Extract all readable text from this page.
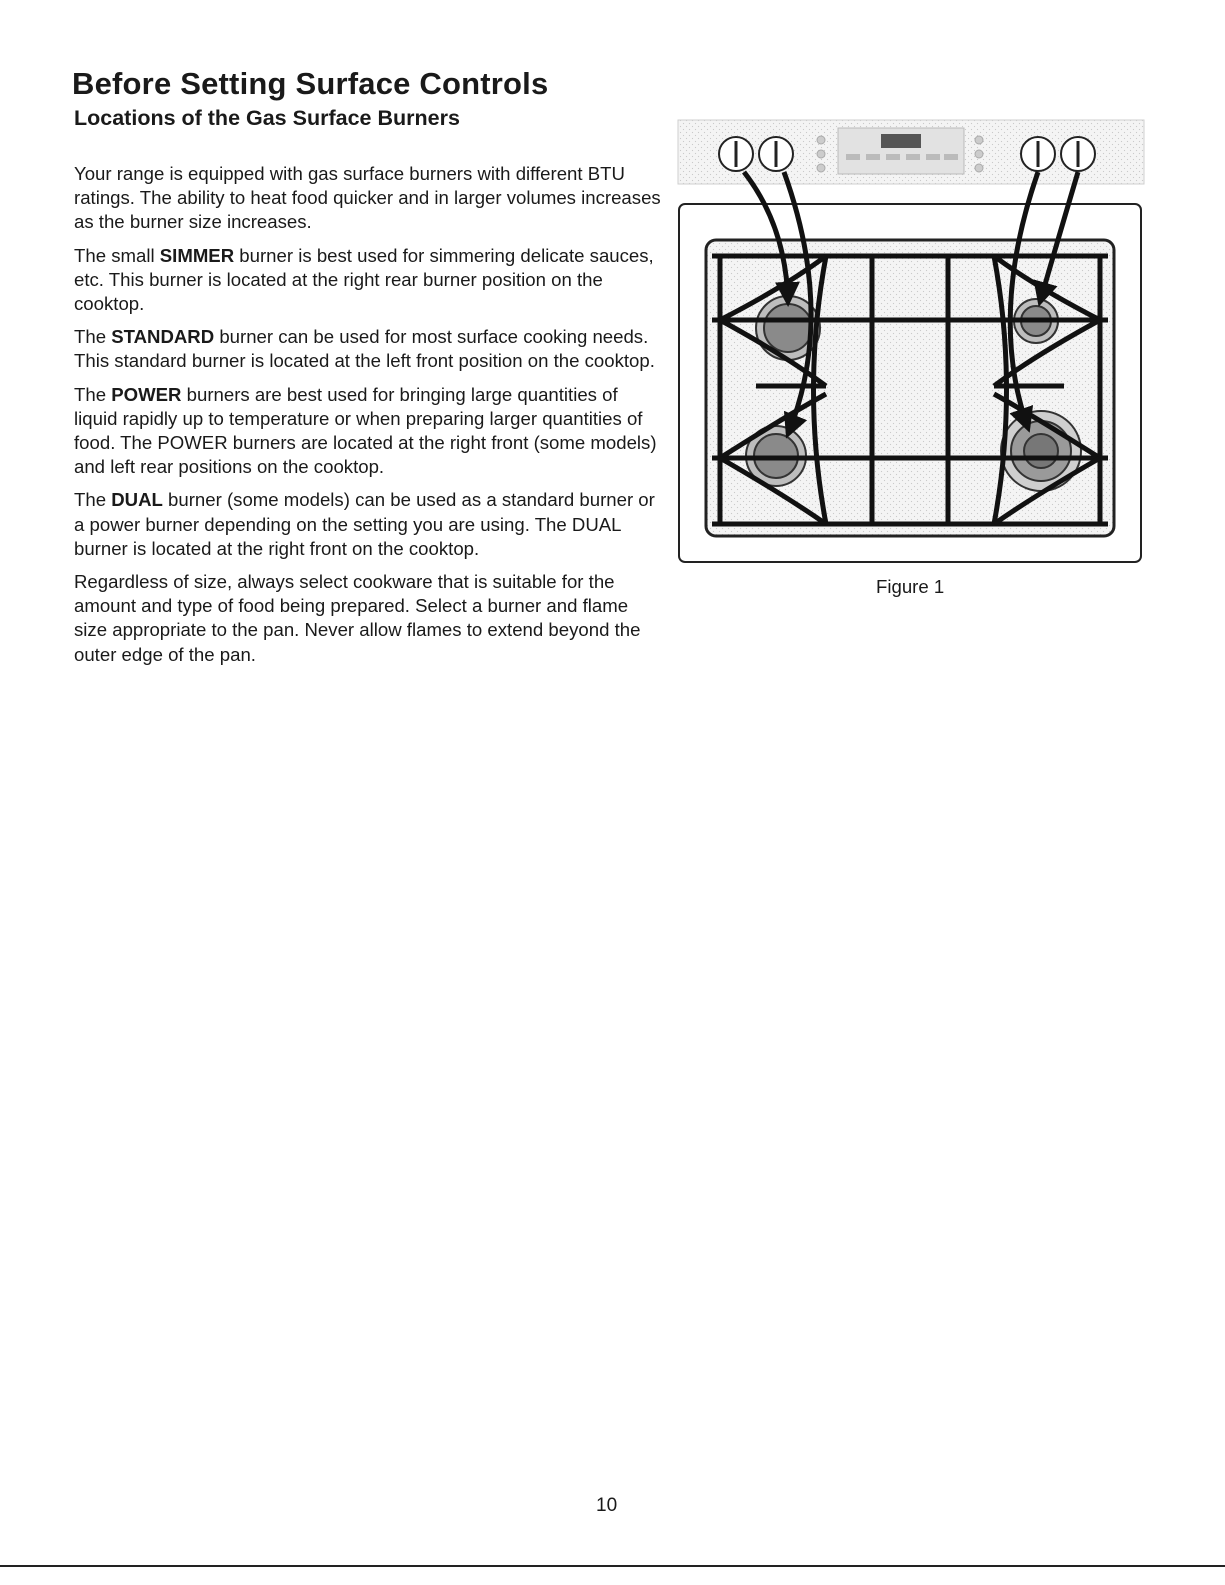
Before Setting Surface Controls
Locations of the Gas Surface Burners

Your range is equipped with gas surface burners with different BTU ratings. The ability to heat food quicker and in larger volumes increases as the burner size increases.

The small SIMMER burner is best used for simmering delicate sauces, etc. This burner is located at the right rear burner position on the cooktop.

The STANDARD burner can be used for most surface cooking needs. This standard burner is located at the left front position on the cooktop.

The POWER burners are best used for bringing large quantities of liquid rapidly up to temperature or when preparing larger quantities of food. The POWER burners are located at the right front (some models) and left rear positions on the cooktop.

The DUAL burner (some models) can be used as a standard burner or a power burner depending on the setting you are using. The DUAL burner is located at the right front on the cooktop.

Regardless of size, always select cookware that is suitable for the amount and type of food being prepared. Select a burner and flame size appropriate to the pan. Never allow flames to extend beyond the outer edge of the pan.

Figure 1
10
